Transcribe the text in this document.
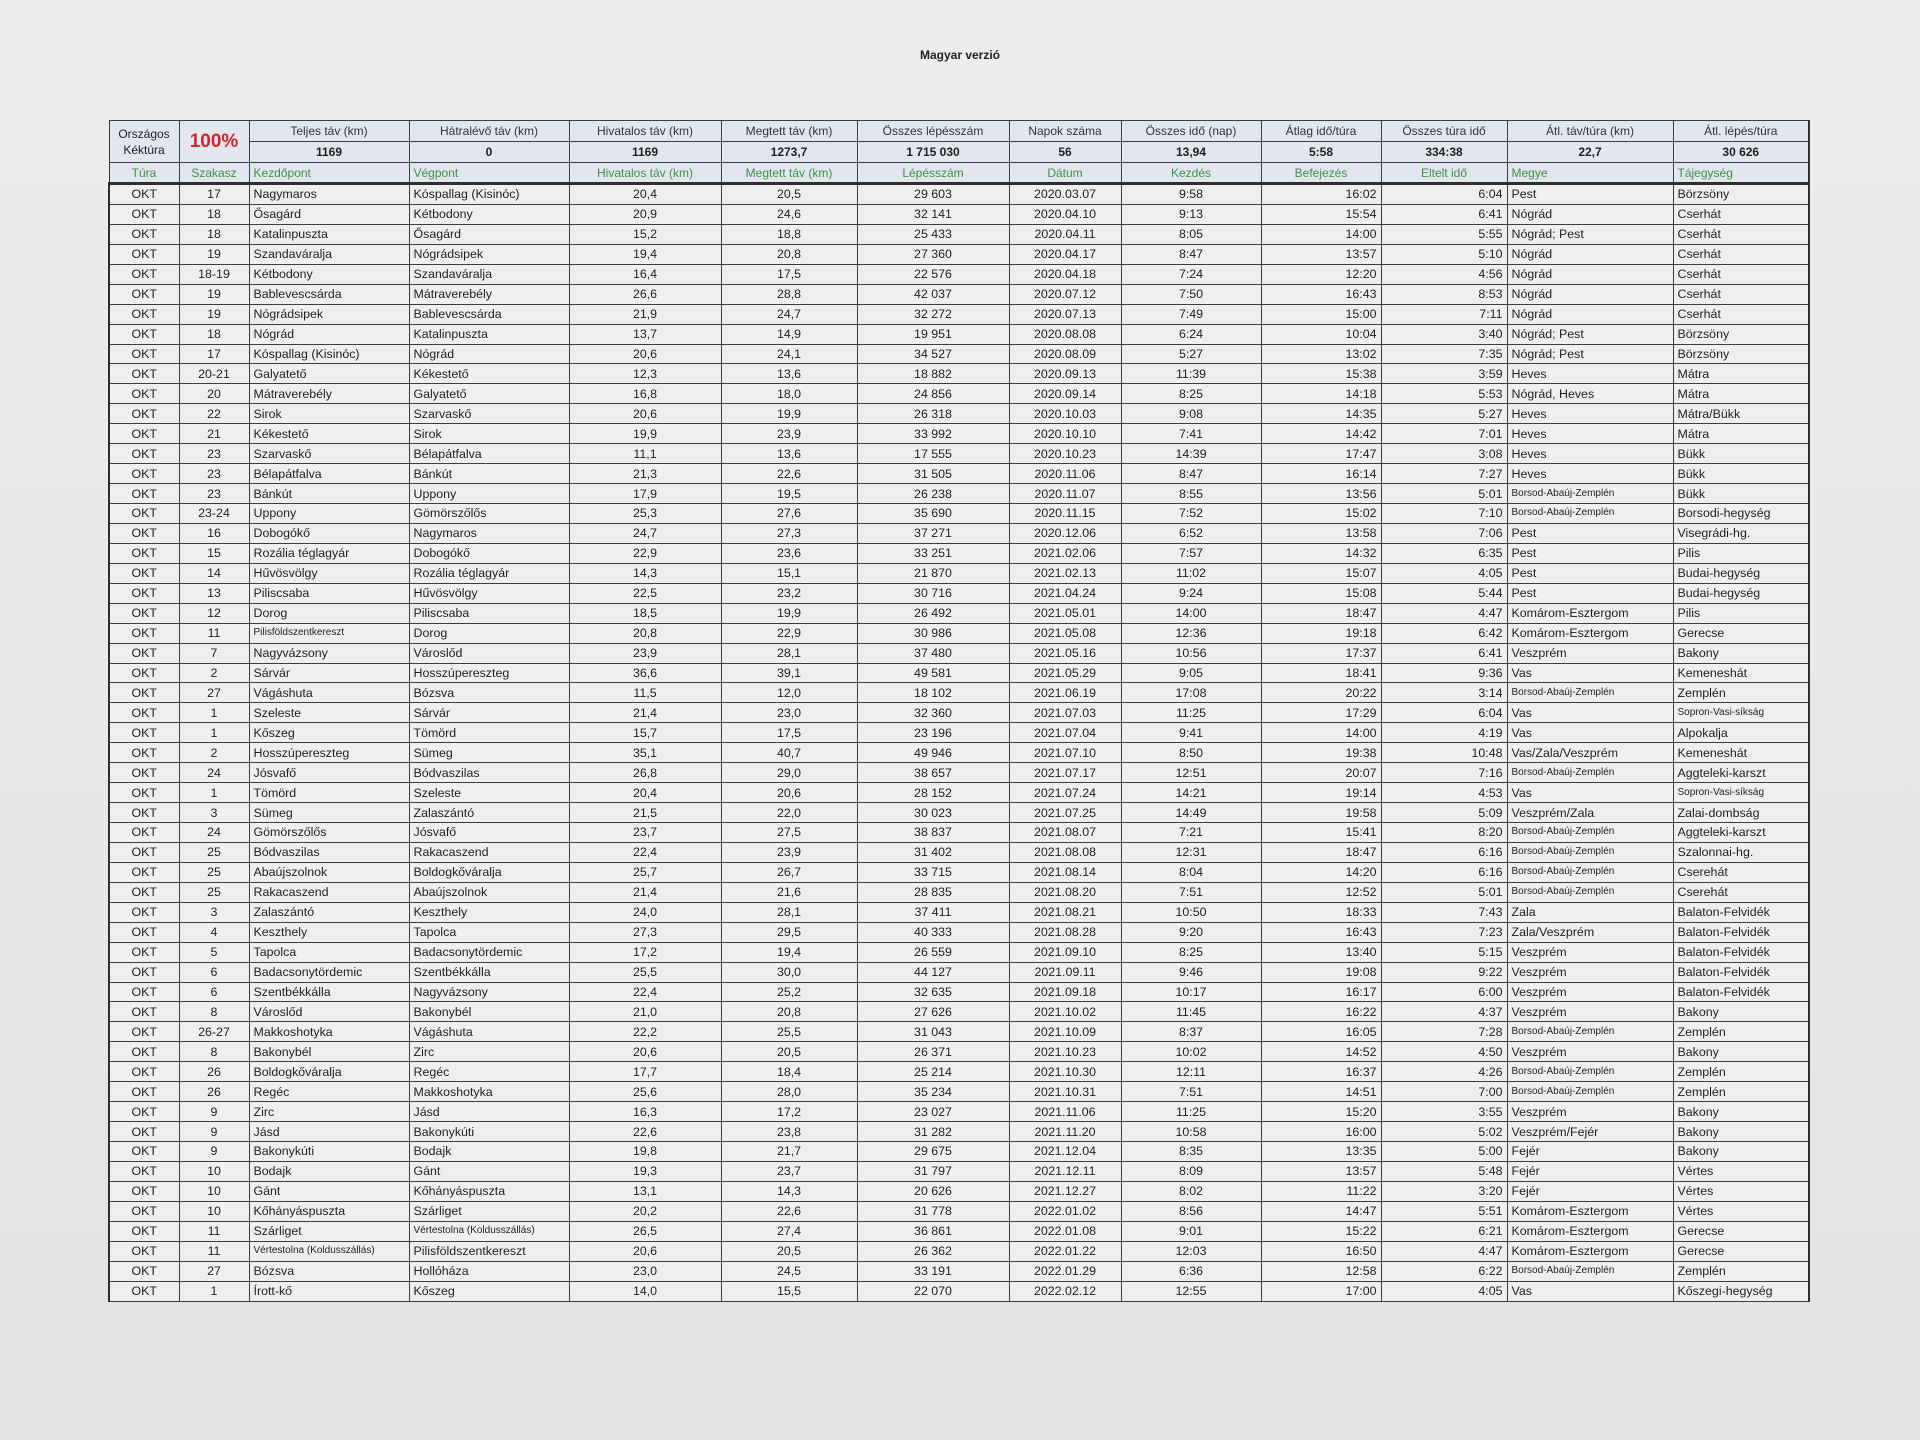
Magyar verzió
Országos Kéktúra	100%	Teljes táv (km)	Hátralévő táv (km)	Hivatalos táv (km)	Megtett táv (km)	Összes lépésszám	Napok száma	Összes idő (nap)	Átlag idő/túra	Összes túra idő	Átl. táv/túra (km)	Átl. lépés/túra
		1169	0	1169	1273,7	1 715 030	56	13,94	5:58	334:38	22,7	30 626
Túra	Szakasz	Kezdőpont	Végpont	Hivatalos táv (km)	Megtett táv (km)	Lépésszám	Dátum	Kezdés	Befejezés	Eltelt idő	Megye	Tájegység
OKT	17	Nagymaros	Kóspallag (Kisinóc)	20,4	20,5	29 603	2020.03.07	9:58	16:02	6:04	Pest	Börzsöny
OKT	18	Ősagárd	Kétbodony	20,9	24,6	32 141	2020.04.10	9:13	15:54	6:41	Nógrád	Cserhát
OKT	18	Katalinpuszta	Ősagárd	15,2	18,8	25 433	2020.04.11	8:05	14:00	5:55	Nógrád; Pest	Cserhát
OKT	19	Szandaváralja	Nógrádsipek	19,4	20,8	27 360	2020.04.17	8:47	13:57	5:10	Nógrád	Cserhát
OKT	18-19	Kétbodony	Szandaváralja	16,4	17,5	22 576	2020.04.18	7:24	12:20	4:56	Nógrád	Cserhát
OKT	19	Bablevescsárda	Mátraverebély	26,6	28,8	42 037	2020.07.12	7:50	16:43	8:53	Nógrád	Cserhát
OKT	19	Nógrádsipek	Bablevescsárda	21,9	24,7	32 272	2020.07.13	7:49	15:00	7:11	Nógrád	Cserhát
OKT	18	Nógrád	Katalinpuszta	13,7	14,9	19 951	2020.08.08	6:24	10:04	3:40	Nógrád; Pest	Börzsöny
OKT	17	Kóspallag (Kisinóc)	Nógrád	20,6	24,1	34 527	2020.08.09	5:27	13:02	7:35	Nógrád; Pest	Börzsöny
OKT	20-21	Galyatető	Kékestető	12,3	13,6	18 882	2020.09.13	11:39	15:38	3:59	Heves	Mátra
OKT	20	Mátraverebély	Galyatető	16,8	18,0	24 856	2020.09.14	8:25	14:18	5:53	Nógrád, Heves	Mátra
OKT	22	Sirok	Szarvaskő	20,6	19,9	26 318	2020.10.03	9:08	14:35	5:27	Heves	Mátra/Bükk
OKT	21	Kékestető	Sirok	19,9	23,9	33 992	2020.10.10	7:41	14:42	7:01	Heves	Mátra
OKT	23	Szarvaskő	Bélapátfalva	11,1	13,6	17 555	2020.10.23	14:39	17:47	3:08	Heves	Bükk
OKT	23	Bélapátfalva	Bánkút	21,3	22,6	31 505	2020.11.06	8:47	16:14	7:27	Heves	Bükk
OKT	23	Bánkút	Uppony	17,9	19,5	26 238	2020.11.07	8:55	13:56	5:01	Borsod-Abaúj-Zemplén	Bükk
OKT	23-24	Uppony	Gömörszőlős	25,3	27,6	35 690	2020.11.15	7:52	15:02	7:10	Borsod-Abaúj-Zemplén	Borsodi-hegység
OKT	16	Dobogókő	Nagymaros	24,7	27,3	37 271	2020.12.06	6:52	13:58	7:06	Pest	Visegrádi-hg.
OKT	15	Rozália téglagyár	Dobogókő	22,9	23,6	33 251	2021.02.06	7:57	14:32	6:35	Pest	Pilis
OKT	14	Hűvösvölgy	Rozália téglagyár	14,3	15,1	21 870	2021.02.13	11:02	15:07	4:05	Pest	Budai-hegység
OKT	13	Piliscsaba	Hűvösvölgy	22,5	23,2	30 716	2021.04.24	9:24	15:08	5:44	Pest	Budai-hegység
OKT	12	Dorog	Piliscsaba	18,5	19,9	26 492	2021.05.01	14:00	18:47	4:47	Komárom-Esztergom	Pilis
OKT	11	Pilisföldszentkereszt	Dorog	20,8	22,9	30 986	2021.05.08	12:36	19:18	6:42	Komárom-Esztergom	Gerecse
OKT	7	Nagyvázsony	Városlőd	23,9	28,1	37 480	2021.05.16	10:56	17:37	6:41	Veszprém	Bakony
OKT	2	Sárvár	Hosszúpereszteg	36,6	39,1	49 581	2021.05.29	9:05	18:41	9:36	Vas	Kemeneshát
OKT	27	Vágáshuta	Bózsva	11,5	12,0	18 102	2021.06.19	17:08	20:22	3:14	Borsod-Abaúj-Zemplén	Zemplén
OKT	1	Szeleste	Sárvár	21,4	23,0	32 360	2021.07.03	11:25	17:29	6:04	Vas	Sopron-Vasi-síkság
OKT	1	Kőszeg	Tömörd	15,7	17,5	23 196	2021.07.04	9:41	14:00	4:19	Vas	Alpokalja
OKT	2	Hosszúpereszteg	Sümeg	35,1	40,7	49 946	2021.07.10	8:50	19:38	10:48	Vas/Zala/Veszprém	Kemeneshát
OKT	24	Jósvafő	Bódvaszilas	26,8	29,0	38 657	2021.07.17	12:51	20:07	7:16	Borsod-Abaúj-Zemplén	Aggteleki-karszt
OKT	1	Tömörd	Szeleste	20,4	20,6	28 152	2021.07.24	14:21	19:14	4:53	Vas	Sopron-Vasi-síkság
OKT	3	Sümeg	Zalaszántó	21,5	22,0	30 023	2021.07.25	14:49	19:58	5:09	Veszprém/Zala	Zalai-dombság
OKT	24	Gömörszőlős	Jósvafő	23,7	27,5	38 837	2021.08.07	7:21	15:41	8:20	Borsod-Abaúj-Zemplén	Aggteleki-karszt
OKT	25	Bódvaszilas	Rakacaszend	22,4	23,9	31 402	2021.08.08	12:31	18:47	6:16	Borsod-Abaúj-Zemplén	Szalonnai-hg.
OKT	25	Abaújszolnok	Boldogkőváralja	25,7	26,7	33 715	2021.08.14	8:04	14:20	6:16	Borsod-Abaúj-Zemplén	Cserehát
OKT	25	Rakacaszend	Abaújszolnok	21,4	21,6	28 835	2021.08.20	7:51	12:52	5:01	Borsod-Abaúj-Zemplén	Cserehát
OKT	3	Zalaszántó	Keszthely	24,0	28,1	37 411	2021.08.21	10:50	18:33	7:43	Zala	Balaton-Felvidék
OKT	4	Keszthely	Tapolca	27,3	29,5	40 333	2021.08.28	9:20	16:43	7:23	Zala/Veszprém	Balaton-Felvidék
OKT	5	Tapolca	Badacsonytördemic	17,2	19,4	26 559	2021.09.10	8:25	13:40	5:15	Veszprém	Balaton-Felvidék
OKT	6	Badacsonytördemic	Szentbékkálla	25,5	30,0	44 127	2021.09.11	9:46	19:08	9:22	Veszprém	Balaton-Felvidék
OKT	6	Szentbékkálla	Nagyvázsony	22,4	25,2	32 635	2021.09.18	10:17	16:17	6:00	Veszprém	Balaton-Felvidék
OKT	8	Városlőd	Bakonybél	21,0	20,8	27 626	2021.10.02	11:45	16:22	4:37	Veszprém	Bakony
OKT	26-27	Makkoshotyka	Vágáshuta	22,2	25,5	31 043	2021.10.09	8:37	16:05	7:28	Borsod-Abaúj-Zemplén	Zemplén
OKT	8	Bakonybél	Zirc	20,6	20,5	26 371	2021.10.23	10:02	14:52	4:50	Veszprém	Bakony
OKT	26	Boldogkőváralja	Regéc	17,7	18,4	25 214	2021.10.30	12:11	16:37	4:26	Borsod-Abaúj-Zemplén	Zemplén
OKT	26	Regéc	Makkoshotyka	25,6	28,0	35 234	2021.10.31	7:51	14:51	7:00	Borsod-Abaúj-Zemplén	Zemplén
OKT	9	Zirc	Jásd	16,3	17,2	23 027	2021.11.06	11:25	15:20	3:55	Veszprém	Bakony
OKT	9	Jásd	Bakonykúti	22,6	23,8	31 282	2021.11.20	10:58	16:00	5:02	Veszprém/Fejér	Bakony
OKT	9	Bakonykúti	Bodajk	19,8	21,7	29 675	2021.12.04	8:35	13:35	5:00	Fejér	Bakony
OKT	10	Bodajk	Gánt	19,3	23,7	31 797	2021.12.11	8:09	13:57	5:48	Fejér	Vértes
OKT	10	Gánt	Kőhányáspuszta	13,1	14,3	20 626	2021.12.27	8:02	11:22	3:20	Fejér	Vértes
OKT	10	Kőhányáspuszta	Szárliget	20,2	22,6	31 778	2022.01.02	8:56	14:47	5:51	Komárom-Esztergom	Vértes
OKT	11	Szárliget	Vértestolna (Koldusszállás)	26,5	27,4	36 861	2022.01.08	9:01	15:22	6:21	Komárom-Esztergom	Gerecse
OKT	11	Vértestolna (Koldusszállás)	Pilisföldszentkereszt	20,6	20,5	26 362	2022.01.22	12:03	16:50	4:47	Komárom-Esztergom	Gerecse
OKT	27	Bózsva	Hollóháza	23,0	24,5	33 191	2022.01.29	6:36	12:58	6:22	Borsod-Abaúj-Zemplén	Zemplén
OKT	1	Írott-kő	Kőszeg	14,0	15,5	22 070	2022.02.12	12:55	17:00	4:05	Vas	Kőszegi-hegység
